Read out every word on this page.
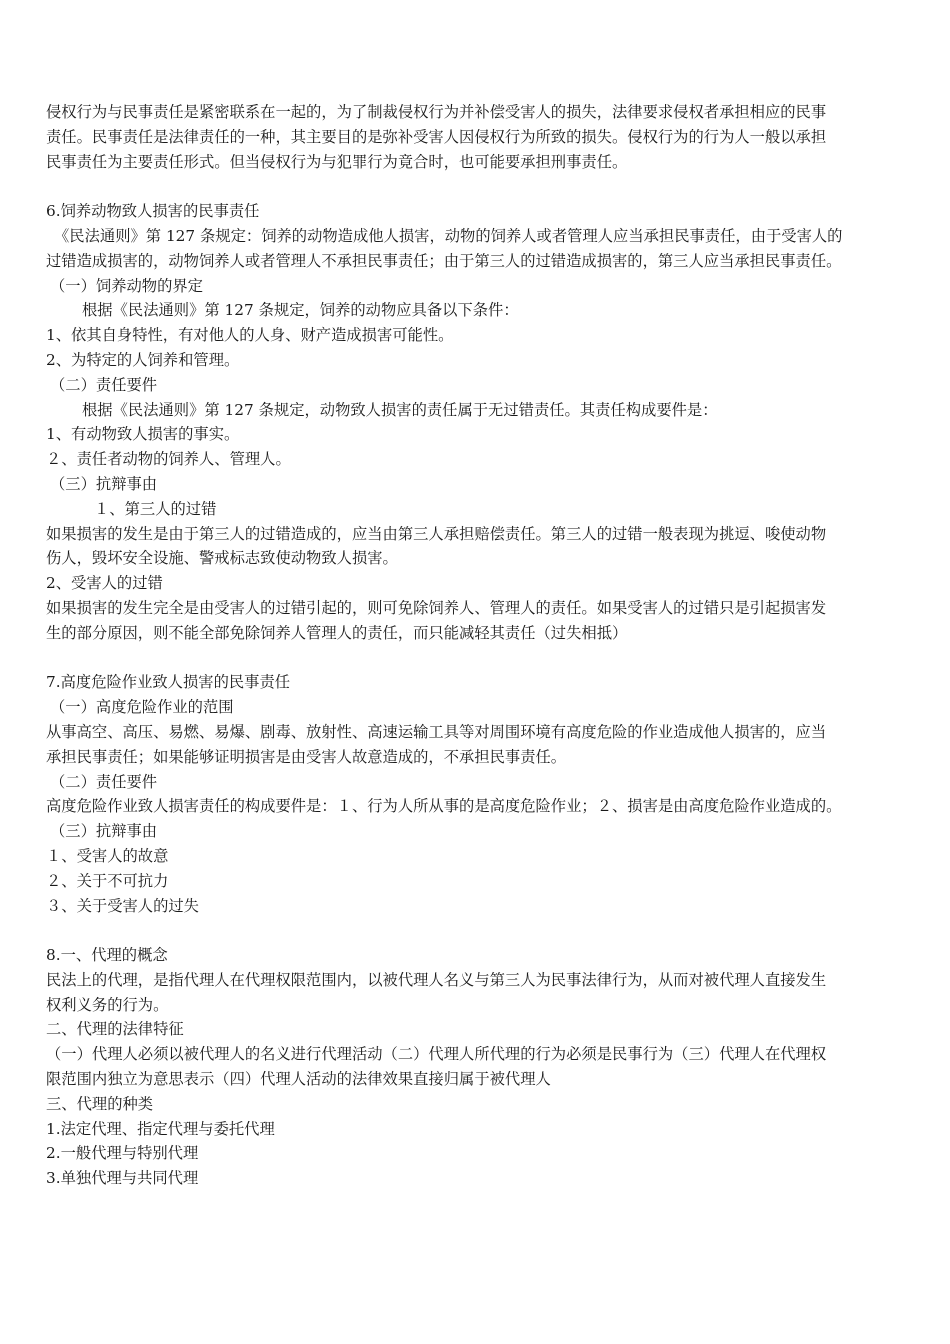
侵权行为与民事责任是紧密联系在一起的，为了制裁侵权行为并补偿受害人的损失，法律要求侵权者承担相应的民事
责任。民事责任是法律责任的一种，其主要目的是弥补受害人因侵权行为所致的损失。侵权行为的行为人一般以承担
民事责任为主要责任形式。但当侵权行为与犯罪行为竟合时，也可能要承担刑事责任。
6.饲养动物致人损害的民事责任
《民法通则》第 127 条规定：饲养的动物造成他人损害，动物的饲养人或者管理人应当承担民事责任，由于受害人的
过错造成损害的，动物饲养人或者管理人不承担民事责任；由于第三人的过错造成损害的，第三人应当承担民事责任。
（一）饲养动物的界定
根据《民法通则》第 127 条规定，饲养的动物应具备以下条件：
1、依其自身特性，有对他人的人身、财产造成损害可能性。
2、为特定的人饲养和管理。
（二）责任要件
根据《民法通则》第 127 条规定，动物致人损害的责任属于无过错责任。其责任构成要件是：
1、有动物致人损害的事实。
２、责任者动物的饲养人、管理人。
（三）抗辩事由
１、第三人的过错
如果损害的发生是由于第三人的过错造成的，应当由第三人承担赔偿责任。第三人的过错一般表现为挑逗、唆使动物
伤人，毁坏安全设施、警戒标志致使动物致人损害。
2、受害人的过错
如果损害的发生完全是由受害人的过错引起的，则可免除饲养人、管理人的责任。如果受害人的过错只是引起损害发
生的部分原因，则不能全部免除饲养人管理人的责任，而只能减轻其责任（过失相抵）
7.高度危险作业致人损害的民事责任
（一）高度危险作业的范围
从事高空、高压、易燃、易爆、剧毒、放射性、高速运输工具等对周围环境有高度危险的作业造成他人损害的，应当
承担民事责任；如果能够证明损害是由受害人故意造成的，不承担民事责任。
（二）责任要件
高度危险作业致人损害责任的构成要件是：１、行为人所从事的是高度危险作业；２、损害是由高度危险作业造成的。
（三）抗辩事由
１、受害人的故意
２、关于不可抗力
３、关于受害人的过失
8.一、代理的概念
民法上的代理，是指代理人在代理权限范围内，以被代理人名义与第三人为民事法律行为，从而对被代理人直接发生
权利义务的行为。
二、代理的法律特征
（一）代理人必须以被代理人的名义进行代理活动（二）代理人所代理的行为必须是民事行为（三）代理人在代理权
限范围内独立为意思表示（四）代理人活动的法律效果直接归属于被代理人
三、代理的种类
1.法定代理、指定代理与委托代理
2.一般代理与特别代理
3.单独代理与共同代理
